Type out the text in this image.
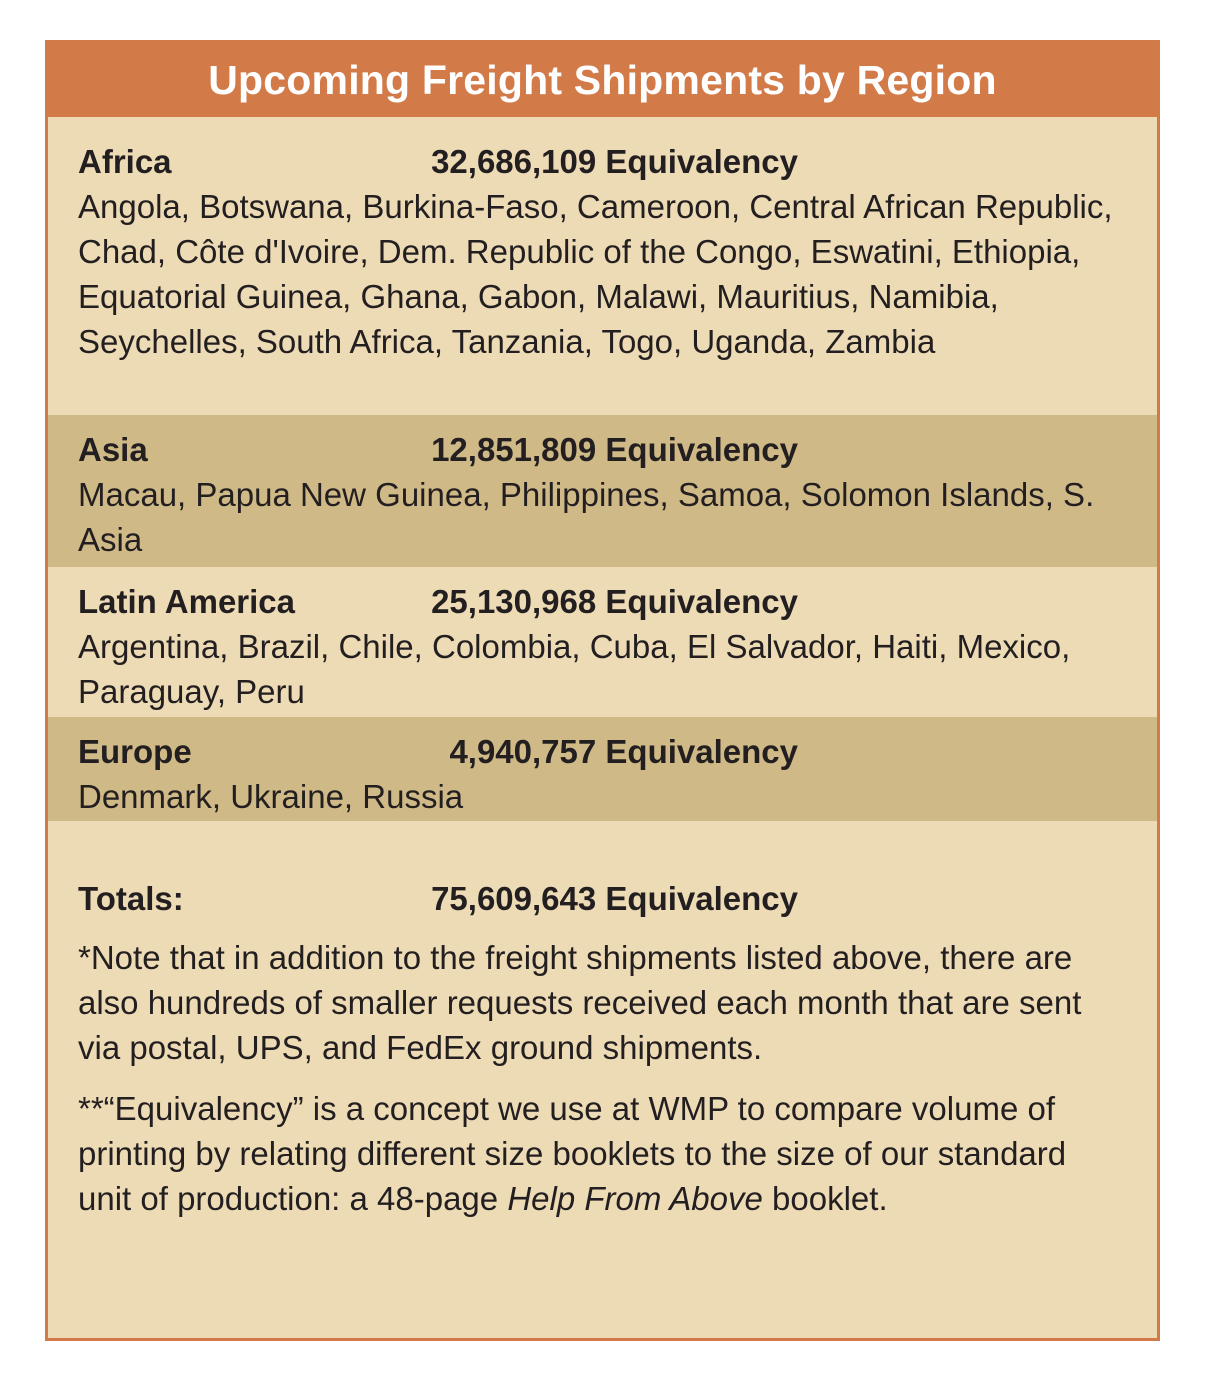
Upcoming Freight Shipments by Region
Africa	32,686,109 Equivalency

Angola, Botswana, Burkina-Faso, Cameroon, Central African Republic, Chad, Côte d'Ivoire, Dem. Republic of the Congo, Eswatini, Ethiopia, Equatorial Guinea, Ghana, Gabon, Malawi, Mauritius, Namibia, Seychelles, South Africa, Tanzania, Togo, Uganda, Zambia

Asia	12,851,809 Equivalency

Macau, Papua New Guinea, Philippines, Samoa, Solomon Islands, S. Asia

Latin America	25,130,968 Equivalency

Argentina, Brazil, Chile, Colombia, Cuba, El Salvador, Haiti, Mexico, Paraguay, Peru

Europe	4,940,757 Equivalency

Denmark, Ukraine, Russia

Totals:	75,609,643 Equivalency

*Note that in addition to the freight shipments listed above, there are also hundreds of smaller requests received each month that are sent via postal, UPS, and FedEx ground shipments.

**“Equivalency” is a concept we use at WMP to compare volume of printing by relating different size booklets to the size of our standard unit of production: a 48-page Help From Above booklet.
